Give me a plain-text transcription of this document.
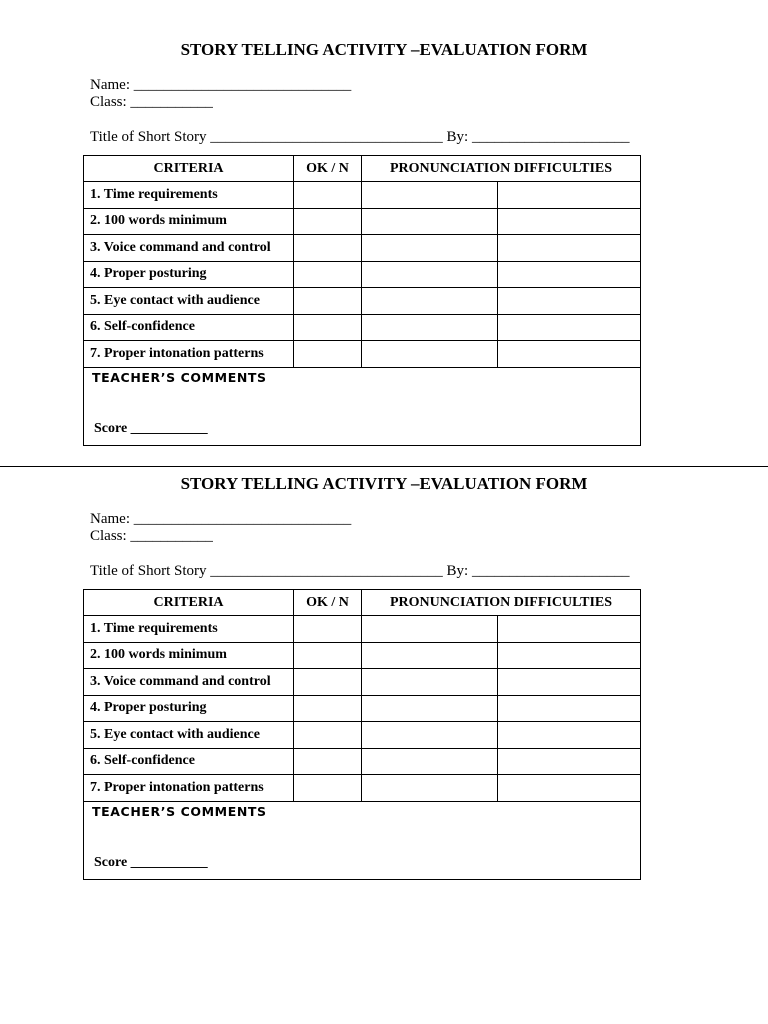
STORY TELLING ACTIVITY –EVALUATION FORM
Name: _____________________________
Class: ___________
Title of Short Story _______________________________ By: _____________________
CRITERIA	OK / N	PRONUNCIATION DIFFICULTIES	
1. Time requirements			
2. 100 words minimum			
3. Voice command and control			
4. Proper posturing			
5. Eye contact with audience			
6. Self-confidence			
7. Proper intonation patterns			

TEACHER’S COMMENTS
Score ___________			
STORY TELLING ACTIVITY –EVALUATION FORM
Name: _____________________________
Class: ___________
Title of Short Story _______________________________ By: _____________________
CRITERIA	OK / N	PRONUNCIATION DIFFICULTIES	
1. Time requirements			
2. 100 words minimum			
3. Voice command and control			
4. Proper posturing			
5. Eye contact with audience			
6. Self-confidence			
7. Proper intonation patterns			

TEACHER’S COMMENTS
Score ___________			
